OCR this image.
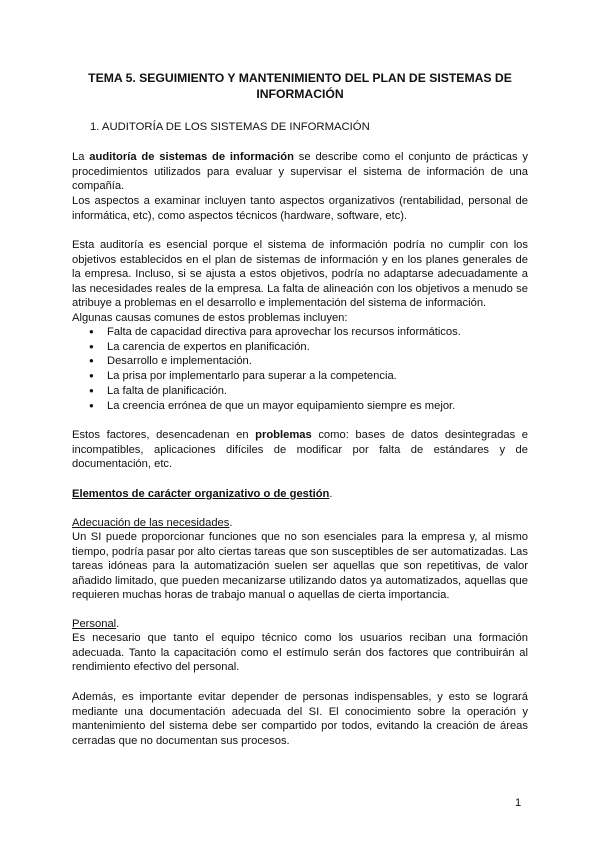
TEMA 5. SEGUIMIENTO Y MANTENIMIENTO DEL PLAN DE SISTEMAS DE INFORMACIÓN
1. AUDITORÍA DE LOS SISTEMAS DE INFORMACIÓN
La auditoría de sistemas de información se describe como el conjunto de prácticas y procedimientos utilizados para evaluar y supervisar el sistema de información de una compañía.
Los aspectos a examinar incluyen tanto aspectos organizativos (rentabilidad, personal de informática, etc), como aspectos técnicos (hardware, software, etc).
Esta auditoría es esencial porque el sistema de información podría no cumplir con los objetivos establecidos en el plan de sistemas de información y en los planes generales de la empresa. Incluso, si se ajusta a estos objetivos, podría no adaptarse adecuadamente a las necesidades reales de la empresa. La falta de alineación con los objetivos a menudo se atribuye a problemas en el desarrollo e implementación del sistema de información.
Algunas causas comunes de estos problemas incluyen:
● Falta de capacidad directiva para aprovechar los recursos informáticos.
● La carencia de expertos en planificación.
● Desarrollo e implementación.
● La prisa por implementarlo para superar a la competencia.
● La falta de planificación.
● La creencia errónea de que un mayor equipamiento siempre es mejor.
Estos factores, desencadenan en problemas como: bases de datos desintegradas e incompatibles, aplicaciones difíciles de modificar por falta de estándares y de documentación, etc.
Elementos de carácter organizativo o de gestión.
Adecuación de las necesidades.
Un SI puede proporcionar funciones que no son esenciales para la empresa y, al mismo tiempo, podría pasar por alto ciertas tareas que son susceptibles de ser automatizadas. Las tareas idóneas para la automatización suelen ser aquellas que son repetitivas, de valor añadido limitado, que pueden mecanizarse utilizando datos ya automatizados, aquellas que requieren muchas horas de trabajo manual o aquellas de cierta importancia.
Personal.
Es necesario que tanto el equipo técnico como los usuarios reciban una formación adecuada. Tanto la capacitación como el estímulo serán dos factores que contribuirán al rendimiento efectivo del personal.
Además, es importante evitar depender de personas indispensables, y esto se logrará mediante una documentación adecuada del SI. El conocimiento sobre la operación y mantenimiento del sistema debe ser compartido por todos, evitando la creación de áreas cerradas que no documentan sus procesos.
1
